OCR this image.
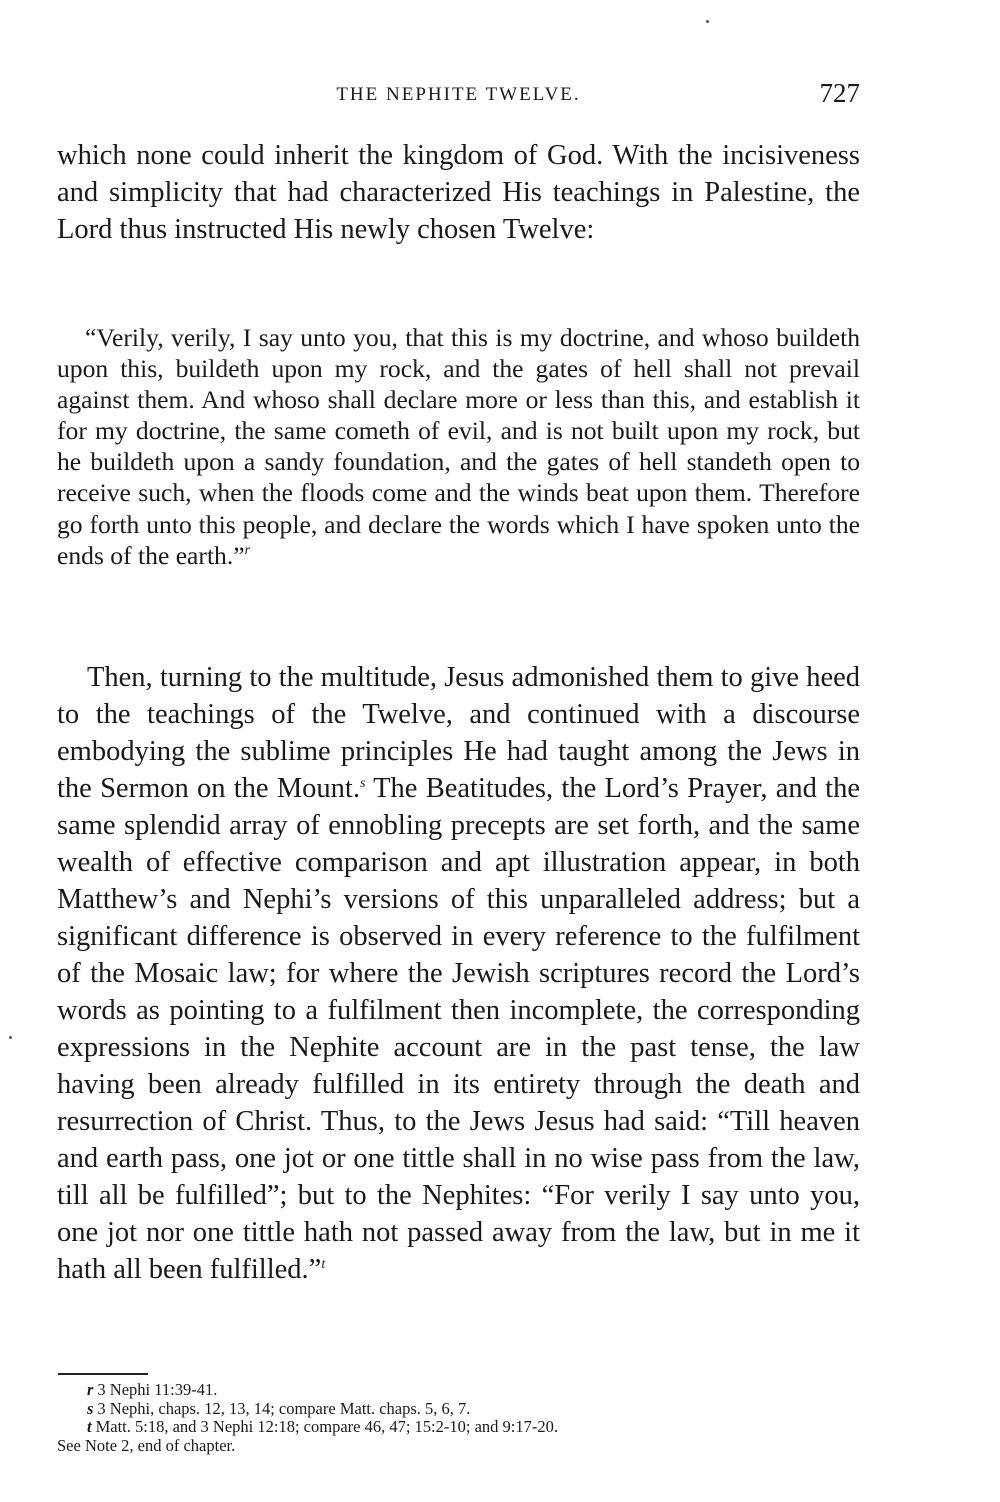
THE NEPHITE TWELVE.	727

which none could inherit the kingdom of God. With the incisiveness and simplicity that had characterized His teachings in Palestine, the Lord thus instructed His newly chosen Twelve:

“Verily, verily, I say unto you, that this is my doctrine, and whoso buildeth upon this, buildeth upon my rock, and the gates of hell shall not prevail against them. And whoso shall declare more or less than this, and establish it for my doctrine, the same cometh of evil, and is not built upon my rock, but he buildeth upon a sandy foundation, and the gates of hell standeth open to receive such, when the floods come and the winds beat upon them. Therefore go forth unto this people, and declare the words which I have spoken unto the ends of the earth.”$^r$

Then, turning to the multitude, Jesus admonished them to give heed to the teachings of the Twelve, and continued with a discourse embodying the sublime principles He had taught among the Jews in the Sermon on the Mount.$^s$ The Beatitudes, the Lord’s Prayer, and the same splendid array of ennobling precepts are set forth, and the same wealth of effective comparison and apt illustration appear, in both Matthew’s and Nephi’s versions of this unparalleled address; but a significant difference is observed in every reference to the fulfilment of the Mosaic law; for where the Jewish scriptures record the Lord’s words as pointing to a fulfilment then incomplete, the corresponding expressions in the Nephite account are in the past tense, the law having been already fulfilled in its entirety through the death and resurrection of Christ. Thus, to the Jews Jesus had said: “Till heaven and earth pass, one jot or one tittle shall in no wise pass from the law, till all be fulfilled”; but to the Nephites: “For verily I say unto you, one jot nor one tittle hath not passed away from the law, but in me it hath all been fulfilled.”$^t$

r 3 Nephi 11:39-41.

s 3 Nephi, chaps. 12, 13, 14; compare Matt. chaps. 5, 6, 7.

t Matt. 5:18, and 3 Nephi 12:18; compare 46, 47; 15:2-10; and 9:17-20.

See Note 2, end of chapter.
